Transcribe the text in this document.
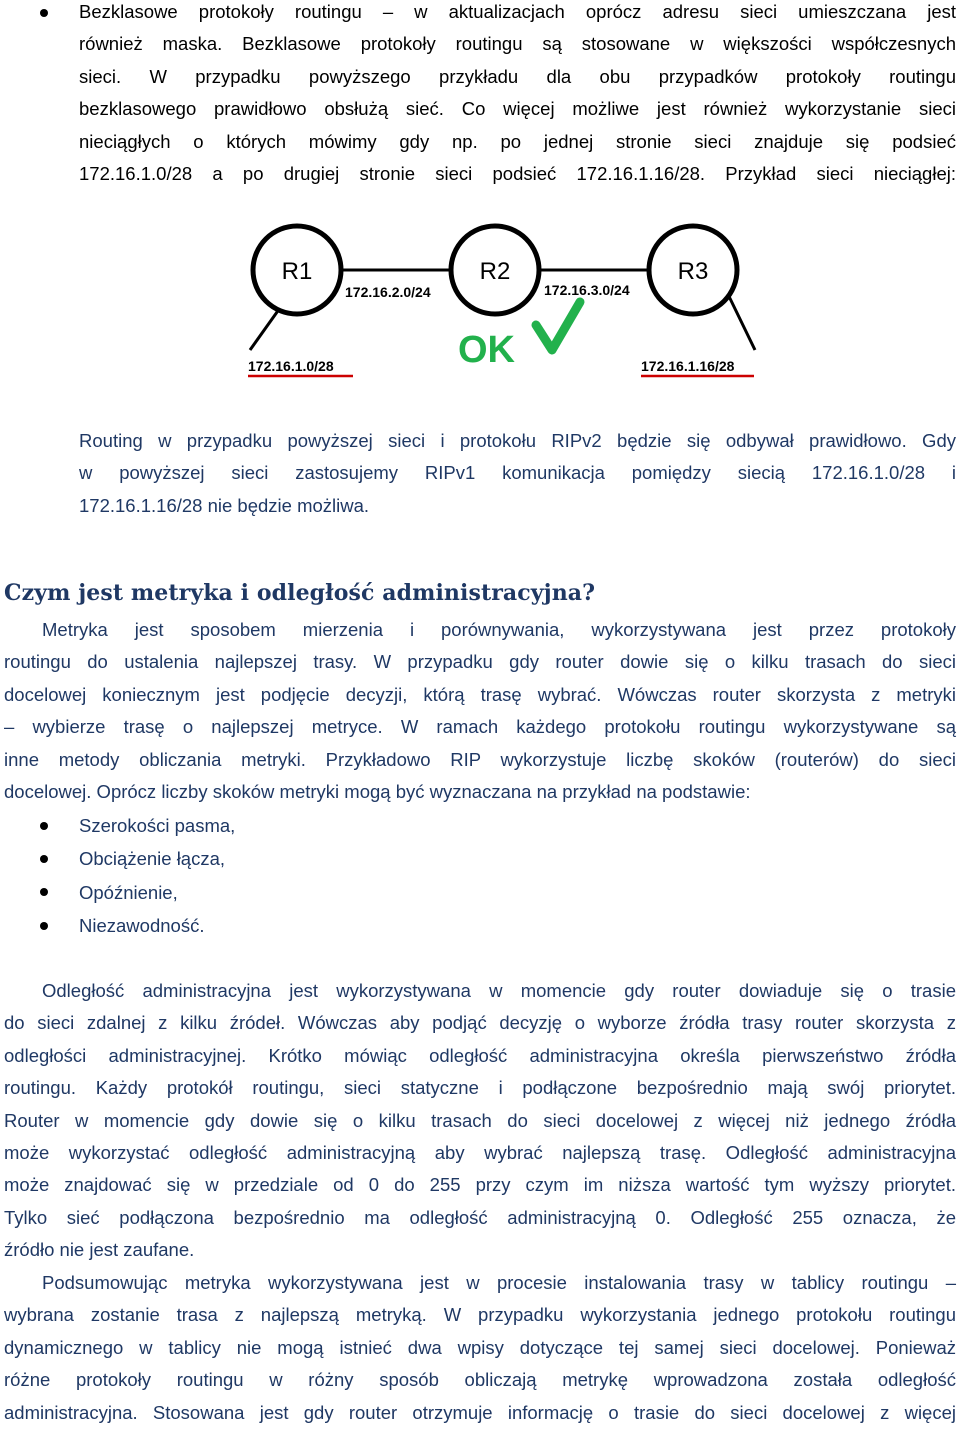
Bezklasowe protokoły routingu – w aktualizacjach oprócz adresu sieci umieszczana jest
również maska. Bezklasowe protokoły routingu są stosowane w większości współczesnych
sieci. W przypadku powyższego przykładu dla obu przypadków protokoły routingu
bezklasowego prawidłowo obsłużą sieć. Co więcej możliwe jest również wykorzystanie sieci
nieciągłych o których mówimy gdy np. po jednej stronie sieci znajduje się podsieć
172.16.1.0/28 a po drugiej stronie sieci podsieć 172.16.1.16/28. Przykład sieci nieciągłej:
R1	R2	R3
172.16.2.0/24	172.16.3.0/24
OK
172.16.1.0/28	172.16.1.16/28
Routing w przypadku powyższej sieci i protokołu RIPv2 będzie się odbywał prawidłowo. Gdy
w powyższej sieci zastosujemy RIPv1 komunikacja pomiędzy siecią 172.16.1.0/28 i
172.16.1.16/28 nie będzie możliwa.
Czym jest metryka i odległość administracyjna?
Metryka jest sposobem mierzenia i porównywania, wykorzystywana jest przez protokoły
routingu do ustalenia najlepszej trasy. W przypadku gdy router dowie się o kilku trasach do sieci
docelowej koniecznym jest podjęcie decyzji, którą trasę wybrać. Wówczas router skorzysta z metryki
– wybierze trasę o najlepszej metryce. W ramach każdego protokołu routingu wykorzystywane są
inne metody obliczania metryki. Przykładowo RIP wykorzystuje liczbę skoków (routerów) do sieci
docelowej. Oprócz liczby skoków metryki mogą być wyznaczana na przykład na podstawie:
Szerokości pasma,
Obciążenie łącza,
Opóźnienie,
Niezawodność.
Odległość administracyjna jest wykorzystywana w momencie gdy router dowiaduje się o trasie
do sieci zdalnej z kilku źródeł. Wówczas aby podjąć decyzję o wyborze źródła trasy router skorzysta z
odległości administracyjnej. Krótko mówiąc odległość administracyjna określa pierwszeństwo źródła
routingu. Każdy protokół routingu, sieci statyczne i podłączone bezpośrednio mają swój priorytet.
Router w momencie gdy dowie się o kilku trasach do sieci docelowej z więcej niż jednego źródła
może wykorzystać odległość administracyjną aby wybrać najlepszą trasę. Odległość administracyjna
może znajdować się w przedziale od 0 do 255 przy czym im niższa wartość tym wyższy priorytet.
Tylko sieć podłączona bezpośrednio ma odległość administracyjną 0. Odległość 255 oznacza, że
źródło nie jest zaufane.
Podsumowując metryka wykorzystywana jest w procesie instalowania trasy w tablicy routingu –
wybrana zostanie trasa z najlepszą metryką. W przypadku wykorzystania jednego protokołu routingu
dynamicznego w tablicy nie mogą istnieć dwa wpisy dotyczące tej samej sieci docelowej. Ponieważ
różne protokoły routingu w różny sposób obliczają metrykę wprowadzona została odległość
administracyjna. Stosowana jest gdy router otrzymuje informację o trasie do sieci docelowej z więcej
